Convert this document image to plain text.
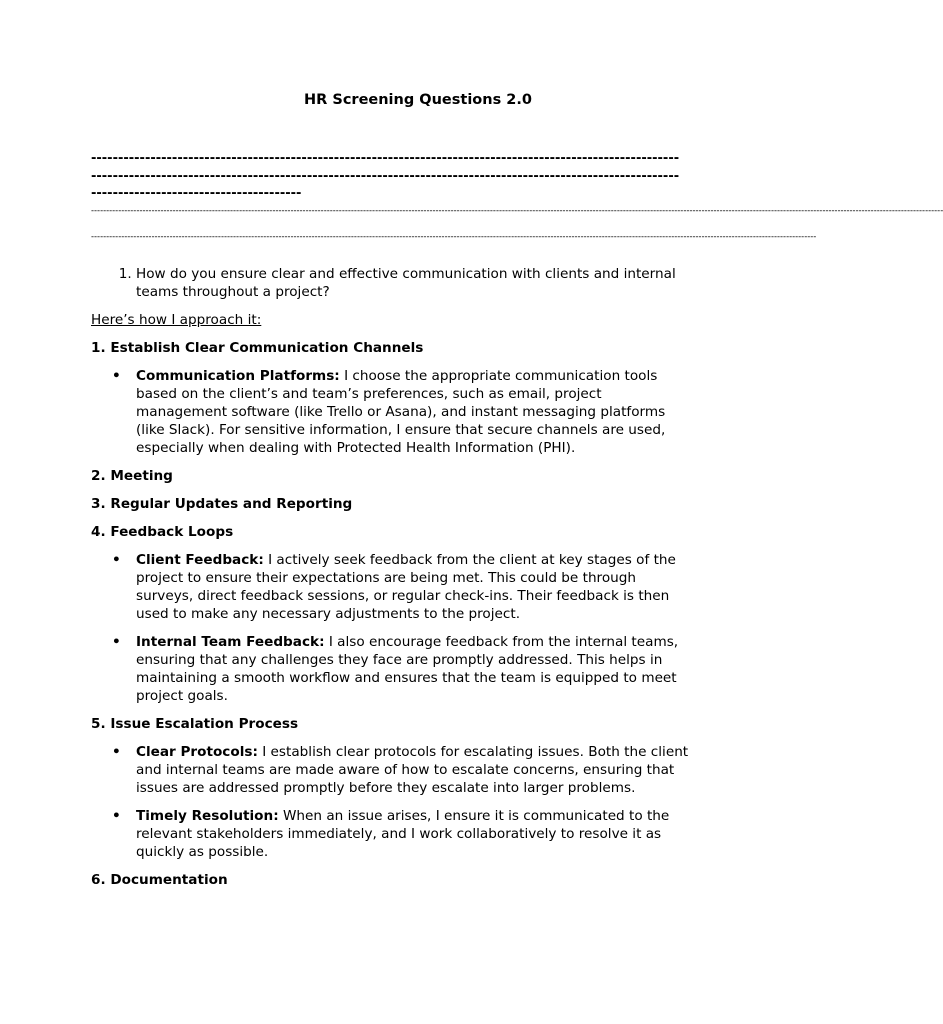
HR Screening Questions 2.0

-----------------------------------------------------------------------------------------------------------------------------------------------------------------------------------------------------------------------------------------------------------------

------------------------------------------------------------------------------------------------------------------------------------------------------------------------------------------------------------------------------------------------------------------------------------------

------------------------------------------------------------------------------------------------------------------------------------------------------------------------------------------------------------------------------------------------

1. How do you ensure clear and effective communication with clients and internal teams throughout a project?

Here’s how I approach it:

1. Establish Clear Communication Channels

• Communication Platforms: I choose the appropriate communication tools based on the client’s and team’s preferences, such as email, project management software (like Trello or Asana), and instant messaging platforms (like Slack). For sensitive information, I ensure that secure channels are used, especially when dealing with Protected Health Information (PHI).

2. Meeting

3. Regular Updates and Reporting

4. Feedback Loops

• Client Feedback: I actively seek feedback from the client at key stages of the project to ensure their expectations are being met. This could be through surveys, direct feedback sessions, or regular check-ins. Their feedback is then used to make any necessary adjustments to the project.
• Internal Team Feedback: I also encourage feedback from the internal teams, ensuring that any challenges they face are promptly addressed. This helps in maintaining a smooth workflow and ensures that the team is equipped to meet project goals.

5. Issue Escalation Process

• Clear Protocols: I establish clear protocols for escalating issues. Both the client and internal teams are made aware of how to escalate concerns, ensuring that issues are addressed promptly before they escalate into larger problems.
• Timely Resolution: When an issue arises, I ensure it is communicated to the relevant stakeholders immediately, and I work collaboratively to resolve it as quickly as possible.

6. Documentation
